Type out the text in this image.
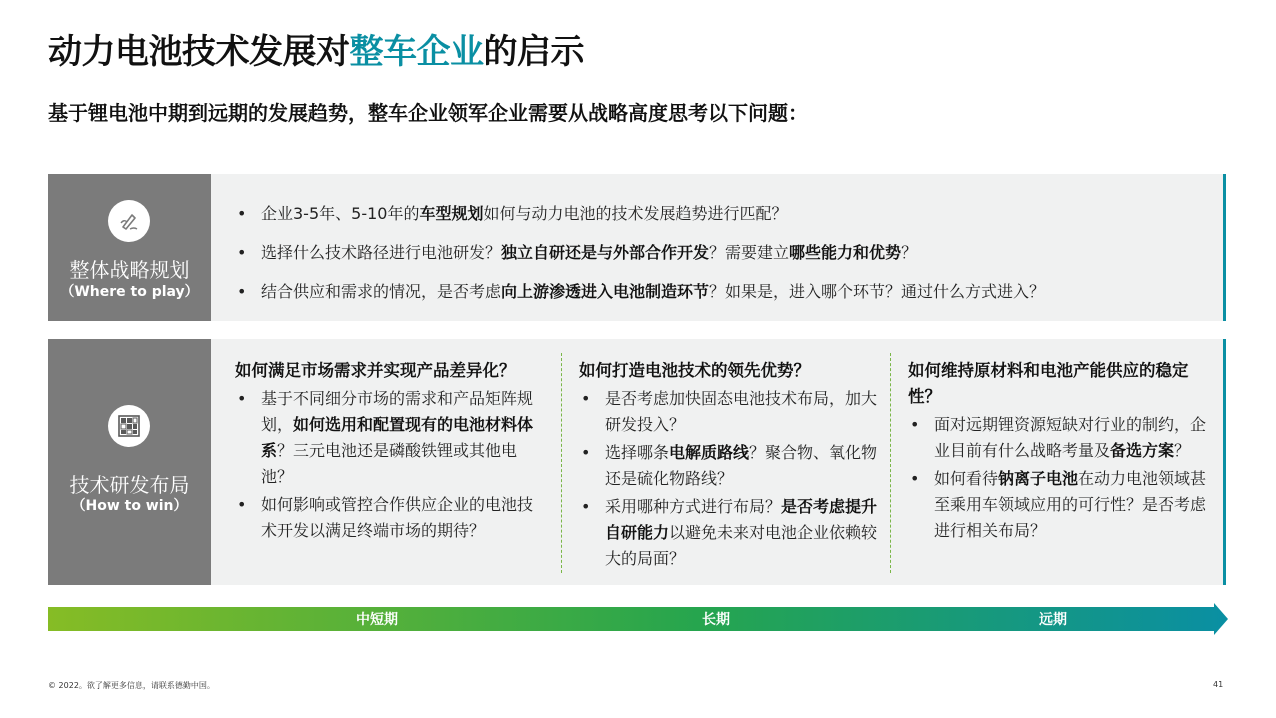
动力电池技术发展对整车企业的启示
基于锂电池中期到远期的发展趋势，整车企业领军企业需要从战略高度思考以下问题：
整体战略规划
（Where to play）
• 企业3-5年、5-10年的车型规划如何与动力电池的技术发展趋势进行匹配？
• 选择什么技术路径进行电池研发？独立自研还是与外部合作开发？需要建立哪些能力和优势？
• 结合供应和需求的情况，是否考虑向上游渗透进入电池制造环节？如果是，进入哪个环节？通过什么方式进入？
技术研发布局
（How to win）
如何满足市场需求并实现产品差异化？
• 基于不同细分市场的需求和产品矩阵规划，如何选用和配置现有的电池材料体系？三元电池还是磷酸铁锂或其他电池？
• 如何影响或管控合作供应企业的电池技术开发以满足终端市场的期待？
如何打造电池技术的领先优势？
• 是否考虑加快固态电池技术布局，加大研发投入？
• 选择哪条电解质路线？聚合物、氧化物还是硫化物路线？
• 采用哪种方式进行布局？是否考虑提升自研能力以避免未来对电池企业依赖较大的局面？
如何维持原材料和电池产能供应的稳定性？
• 面对远期锂资源短缺对行业的制约，企业目前有什么战略考量及备选方案？
• 如何看待钠离子电池在动力电池领域甚至乘用车领域应用的可行性？是否考虑进行相关布局？
中短期	长期	远期
© 2022。欲了解更多信息，请联系德勤中国。	41
